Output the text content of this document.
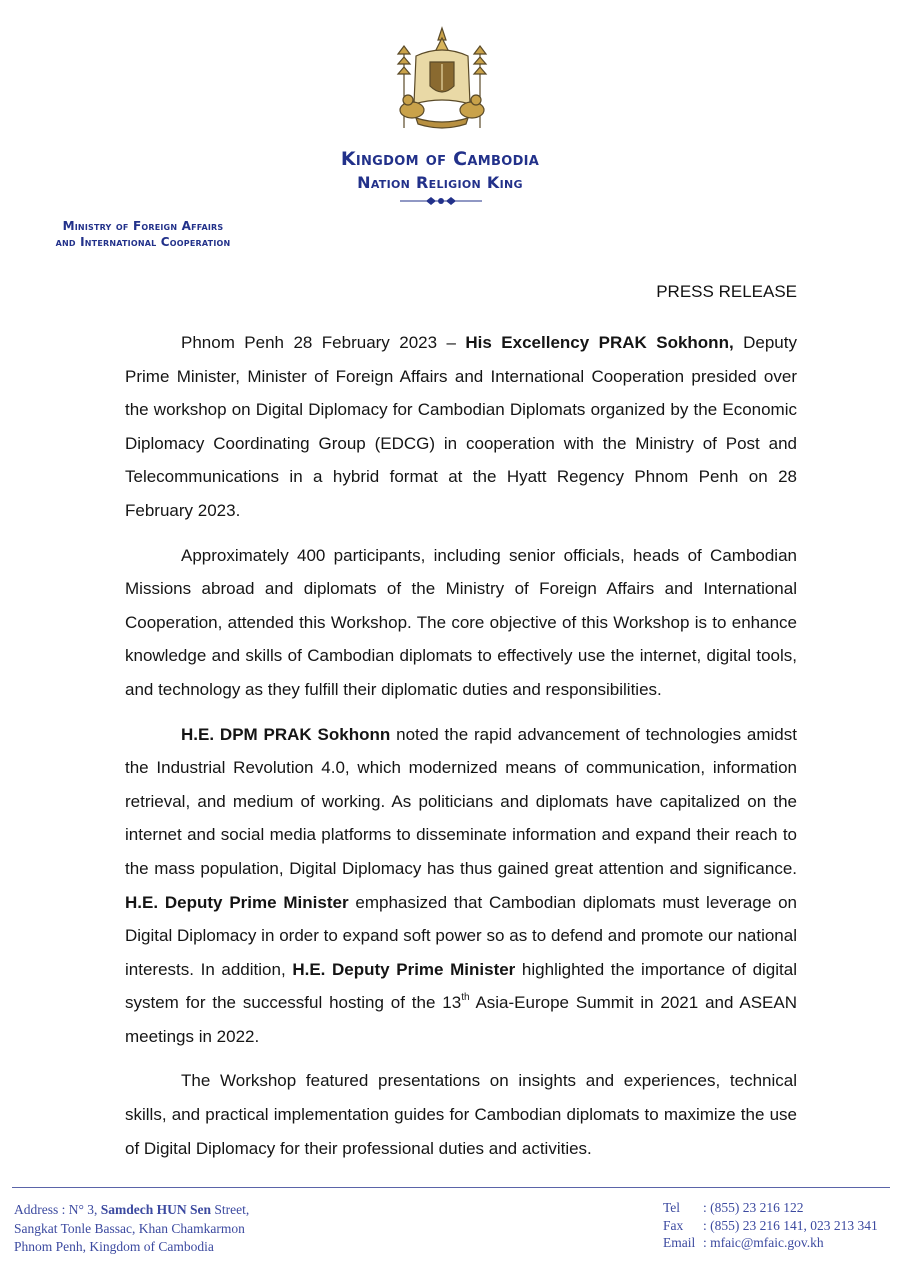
Kingdom of Cambodia
Nation Religion King
Ministry of Foreign Affairs
and International Cooperation
PRESS RELEASE

Phnom Penh 28 February 2023 – His Excellency PRAK Sokhonn, Deputy Prime Minister, Minister of Foreign Affairs and International Cooperation presided over the workshop on Digital Diplomacy for Cambodian Diplomats organized by the Economic Diplomacy Coordinating Group (EDCG) in cooperation with the Ministry of Post and Telecommunications in a hybrid format at the Hyatt Regency Phnom Penh on 28 February 2023.

Approximately 400 participants, including senior officials, heads of Cambodian Missions abroad and diplomats of the Ministry of Foreign Affairs and International Cooperation, attended this Workshop. The core objective of this Workshop is to enhance knowledge and skills of Cambodian diplomats to effectively use the internet, digital tools, and technology as they fulfill their diplomatic duties and responsibilities.

H.E. DPM PRAK Sokhonn noted the rapid advancement of technologies amidst the Industrial Revolution 4.0, which modernized means of communication, information retrieval, and medium of working. As politicians and diplomats have capitalized on the internet and social media platforms to disseminate information and expand their reach to the mass population, Digital Diplomacy has thus gained great attention and significance. H.E. Deputy Prime Minister emphasized that Cambodian diplomats must leverage on Digital Diplomacy in order to expand soft power so as to defend and promote our national interests. In addition, H.E. Deputy Prime Minister highlighted the importance of digital system for the successful hosting of the 13th Asia-Europe Summit in 2021 and ASEAN meetings in 2022.

The Workshop featured presentations on insights and experiences, technical skills, and practical implementation guides for Cambodian diplomats to maximize the use of Digital Diplomacy for their professional duties and activities.

Address : N° 3, Samdech HUN Sen Street,
Sangkat Tonle Bassac, Khan Chamkarmon
Phnom Penh, Kingdom of Cambodia
Tel : (855) 23 216 122
Fax : (855) 23 216 141, 023 213 341
Email : mfaic@mfaic.gov.kh
